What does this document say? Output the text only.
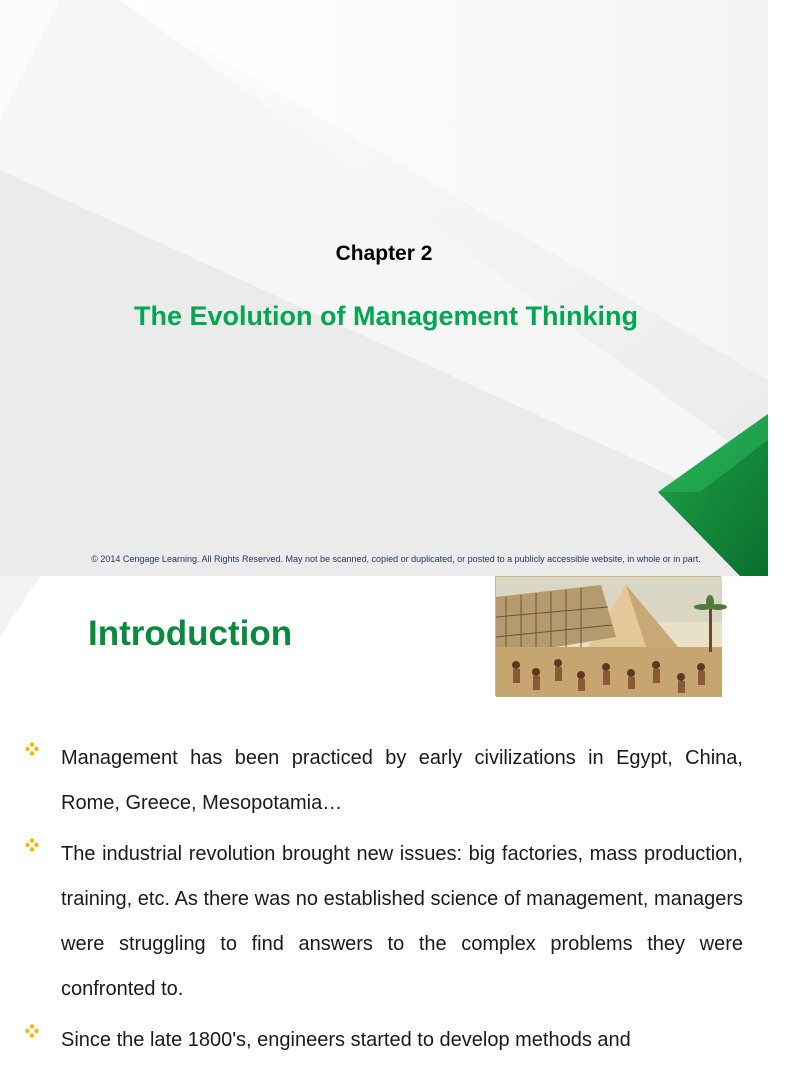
Chapter 2
The Evolution of Management Thinking
© 2014 Cengage Learning. All Rights Reserved. May not be scanned, copied or duplicated, or posted to a publicly accessible website, in whole or in part.
Introduction
Management has been practiced by early civilizations in Egypt, China, Rome, Greece, Mesopotamia…
The industrial revolution brought new issues: big factories, mass production, training, etc. As there was no established science of management, managers were struggling to find answers to the complex problems they were confronted to.
Since the late 1800's, engineers started to develop methods and
